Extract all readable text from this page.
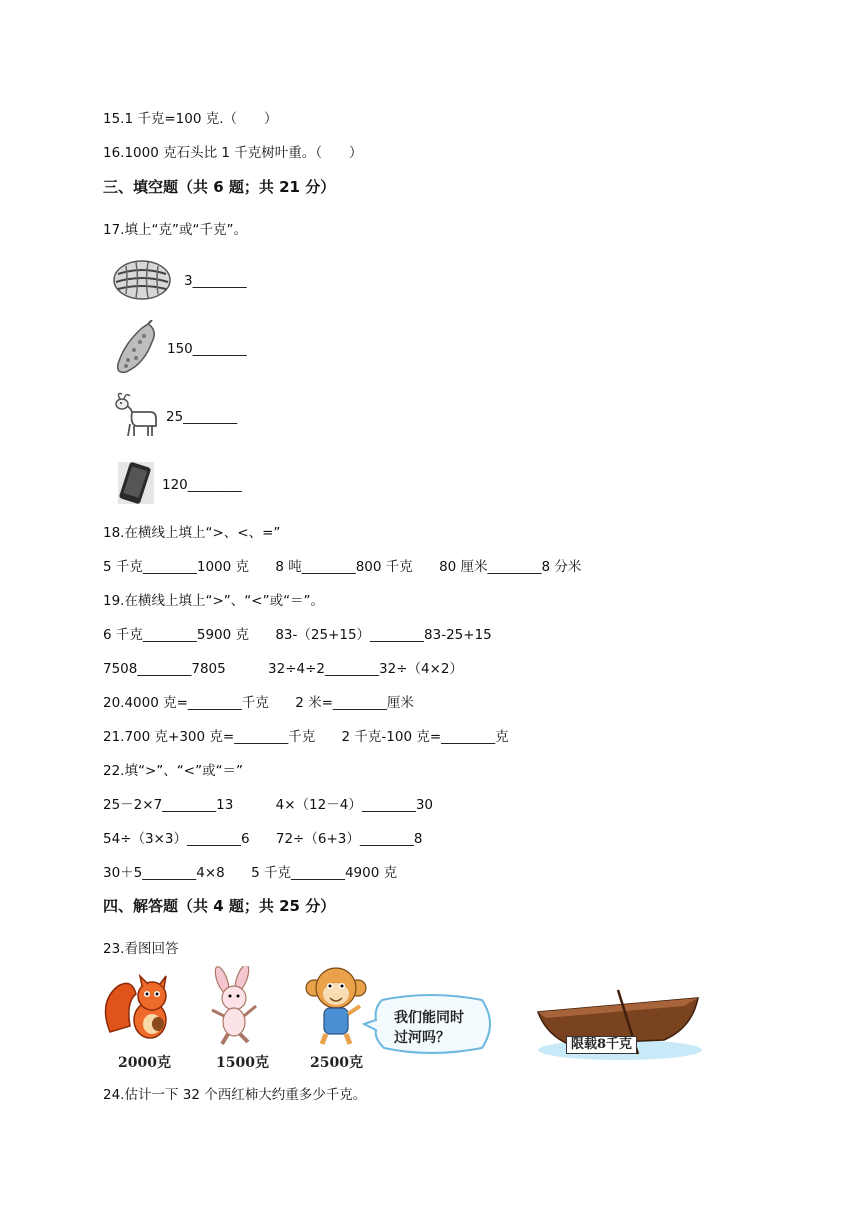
15.1 千克=100 克.（　　）
16.1000 克石头比 1 千克树叶重。（　　）
三、填空题（共 6 题；共 21 分）
17.填上“克”或“千克”。
3________
150________
25________
120________
18.在横线上填上“>、<、=”
5 千克________1000 克 8 吨________800 千克 80 厘米________8 分米
19.在横线上填上“>”、“<”或“＝”。
6 千克________5900 克 83-（25+15）________83-25+15
7508________7805	32÷4÷2________32÷（4×2）
20.4000 克=________千克 2 米=________厘米
21.700 克+300 克=________千克 2 千克-100 克=________克
22.填“>”、“<”或“＝”
25－2×7________13	4×（12－4）________30
54÷（3×3）________6 72÷（6+3）________8
30＋5________4×8 5 千克________4900 克
四、解答题（共 4 题；共 25 分）
23.看图回答
2000克	1500克	2500克
我们能同时
过河吗？	限载8千克
24.估计一下 32 个西红柿大约重多少千克。
